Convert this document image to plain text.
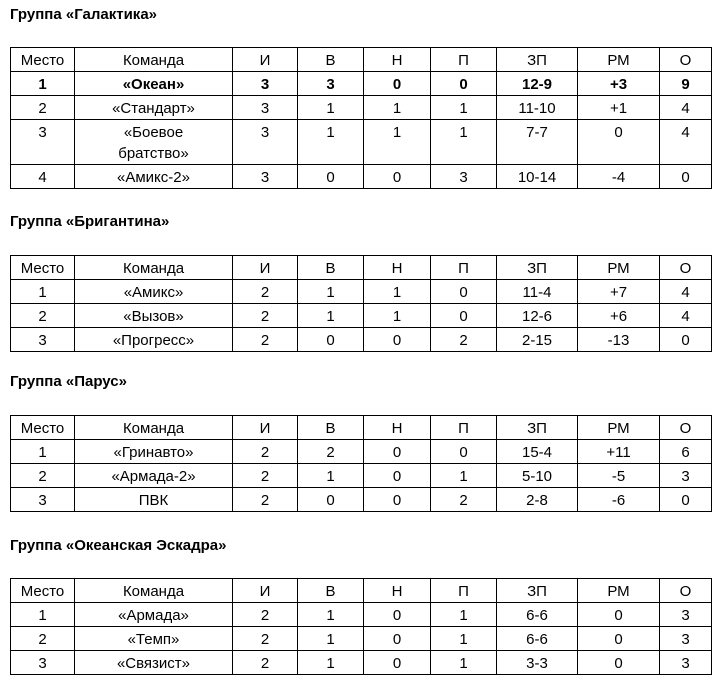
Группа «Галактика»
Место	Команда	И	В	Н	П	ЗП	РМ	О
1	«Океан»	3	3	0	0	12-9	+3	9
2	«Стандарт»	3	1	1	1	11-10	+1	4
3	«Боевое братство»	3	1	1	1	7-7	0	4
4	«Амикс-2»	3	0	0	3	10-14	-4	0
Группа «Бригантина»
Место	Команда	И	В	Н	П	ЗП	РМ	О
1	«Амикс»	2	1	1	0	11-4	+7	4
2	«Вызов»	2	1	1	0	12-6	+6	4
3	«Прогресс»	2	0	0	2	2-15	-13	0
Группа «Парус»
Место	Команда	И	В	Н	П	ЗП	РМ	О
1	«Гринавто»	2	2	0	0	15-4	+11	6
2	«Армада-2»	2	1	0	1	5-10	-5	3
3	ПВК	2	0	0	2	2-8	-6	0
Группа «Океанская Эскадра»
Место	Команда	И	В	Н	П	ЗП	РМ	О
1	«Армада»	2	1	0	1	6-6	0	3
2	«Темп»	2	1	0	1	6-6	0	3
3	«Связист»	2	1	0	1	3-3	0	3
